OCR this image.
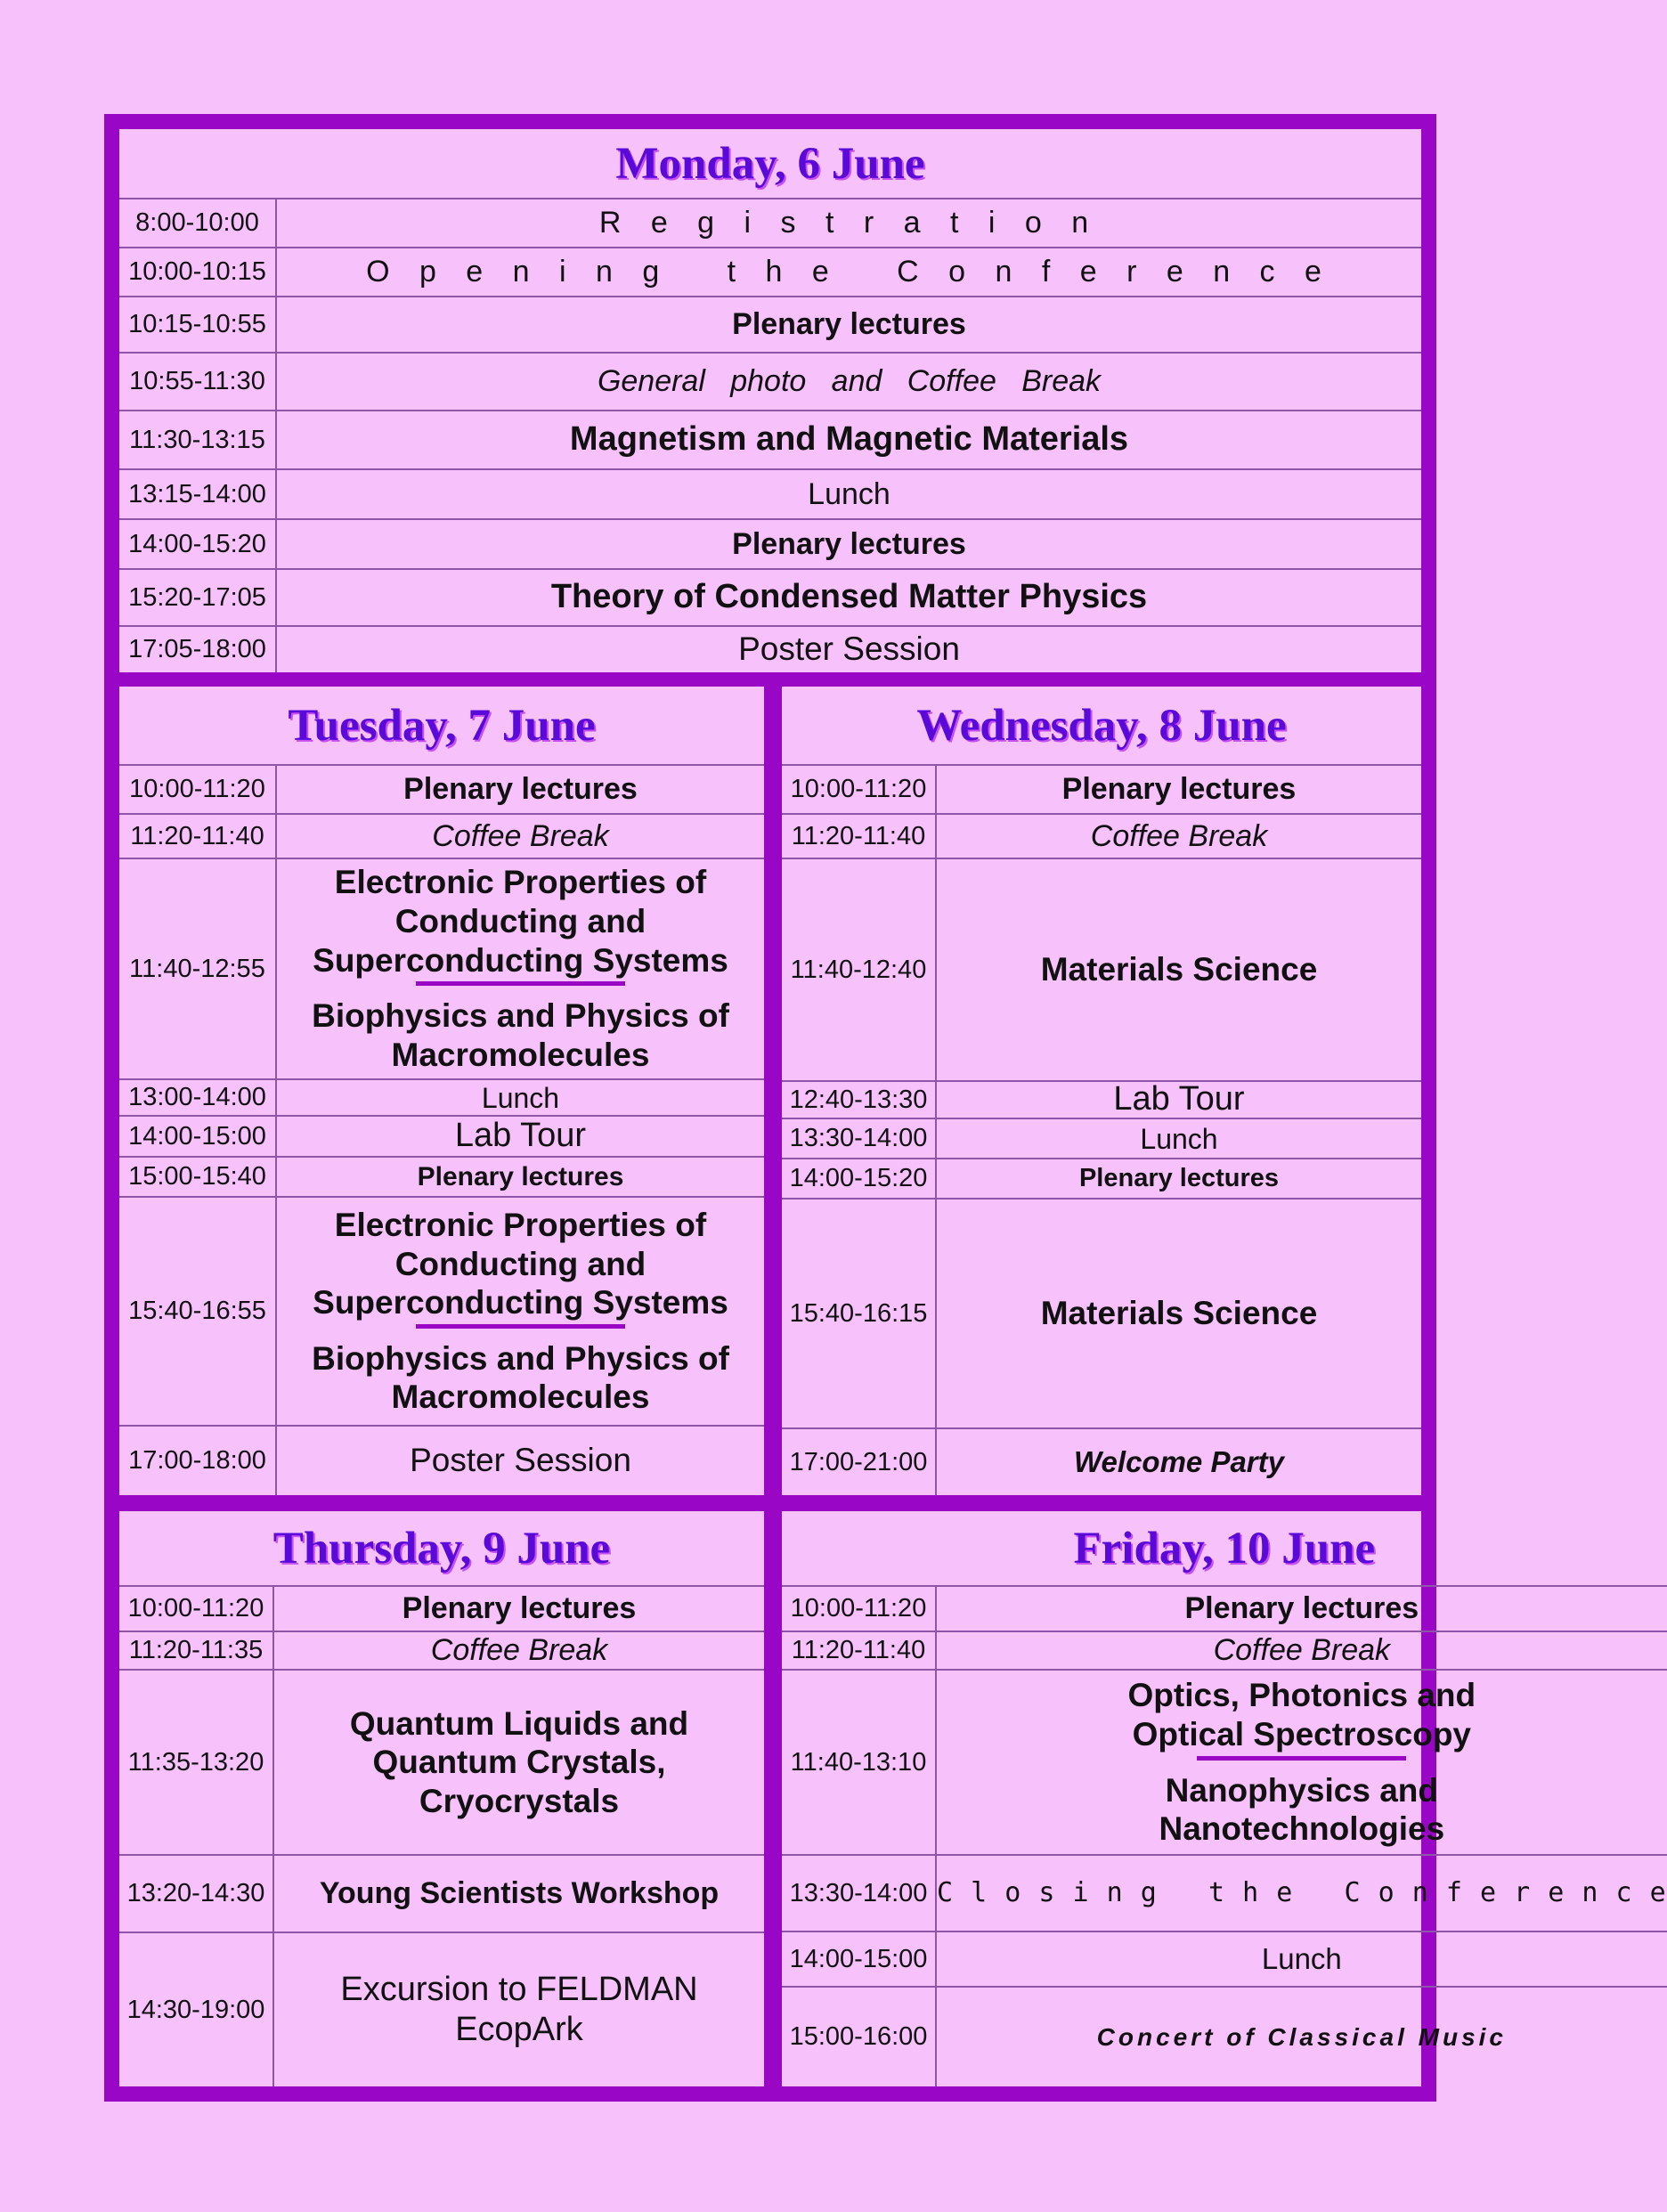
Monday, 6 June
8:00-10:00	R e g i s t r a t i o n
10:00-10:15	O p e n i n g   t h e   C o n f e r e n c e
10:15-10:55	Plenary lectures
10:55-11:30	General   photo   and   Coffee   Break
11:30-13:15	Magnetism and Magnetic Materials
13:15-14:00	Lunch
14:00-15:20	Plenary lectures
15:20-17:05	Theory of Condensed Matter Physics
17:05-18:00	Poster Session
Tuesday, 7 June
10:00-11:20	Plenary lectures
11:20-11:40	Coffee Break
11:40-12:55
Electronic Properties of Conducting and Superconducting Systems
Biophysics and Physics of Macromolecules
13:00-14:00	Lunch
14:00-15:00	Lab Tour
15:00-15:40	Plenary lectures
15:40-16:55
Electronic Properties of Conducting and Superconducting Systems
Biophysics and Physics of Macromolecules
17:00-18:00	Poster Session
Wednesday, 8 June
10:00-11:20	Plenary lectures
11:20-11:40	Coffee Break
11:40-12:40	Materials Science
12:40-13:30	Lab Tour
13:30-14:00	Lunch
14:00-15:20	Plenary lectures
15:40-16:15	Materials Science
17:00-21:00	Welcome Party
Thursday, 9 June
10:00-11:20	Plenary lectures
11:20-11:35	Coffee Break
11:35-13:20
Quantum Liquids and Quantum Crystals, Cryocrystals
13:20-14:30	Young Scientists Workshop
14:30-19:00
Excursion to FELDMAN EcopArk
Friday, 10 June
10:00-11:20	Plenary lectures
11:20-11:40	Coffee Break
11:40-13:10
Optics, Photonics and Optical Spectroscopy
Nanophysics and Nanotechnologies
13:30-14:00 C l o s i n g   t h e   C o n f e r e n c e
14:00-15:00	Lunch
15:00-16:00	Concert of Classical Music
